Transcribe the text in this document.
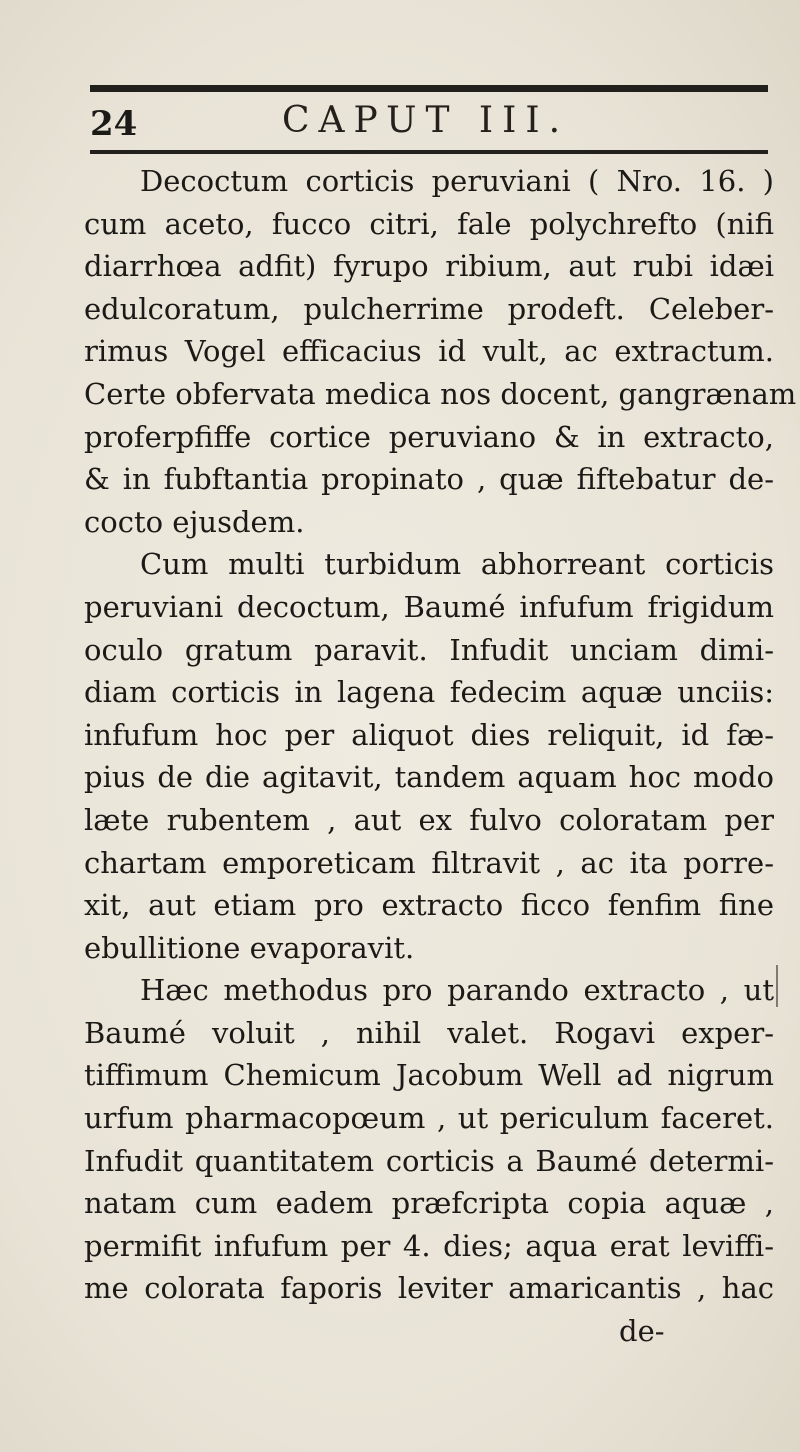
24	CAPUT III.
Decoctum corticis peruviani ( Nro. 16. )
cum aceto, fucco citri, fale polychrefto (nifi
diarrhœa adfit) fyrupo ribium, aut rubi idæi
edulcoratum, pulcherrime prodeft. Celeber-
rimus Vogel efficacius id vult, ac extractum.
Certe obfervata medica nos docent, gangrænam
proferpfiffe cortice peruviano & in extracto,
& in fubftantia propinato , quæ fiftebatur de-
cocto ejusdem.
Cum multi turbidum abhorreant corticis
peruviani decoctum, Baumé infufum frigidum
oculo gratum paravit. Infudit unciam dimi-
diam corticis in lagena fedecim aquæ unciis:
infufum hoc per aliquot dies reliquit, id fæ-
pius de die agitavit, tandem aquam hoc modo
læte rubentem , aut ex fulvo coloratam per
chartam emporeticam filtravit , ac ita porre-
xit, aut etiam pro extracto ficco fenfim fine
ebullitione evaporavit.
Hæc methodus pro parando extracto , ut
Baumé voluit , nihil valet. Rogavi exper-
tiffimum Chemicum Jacobum Well ad nigrum
urfum pharmacopœum , ut periculum faceret.
Infudit quantitatem corticis a Baumé determi-
natam cum eadem præfcripta copia aquæ ,
permifit infufum per 4. dies; aqua erat leviffi-
me colorata faporis leviter amaricantis , hac
de-
